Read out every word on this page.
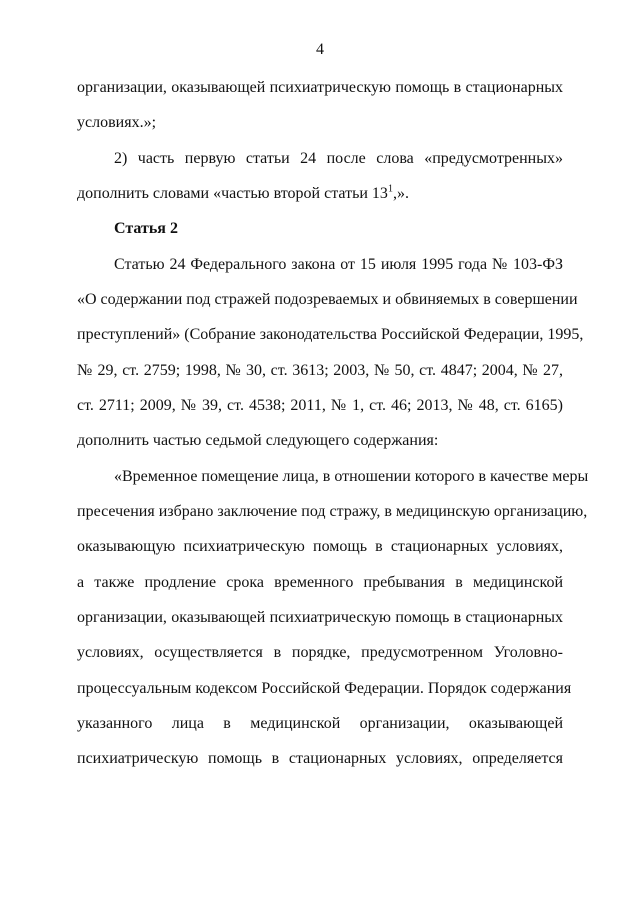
4
организации, оказывающей психиатрическую помощь в стационарных
условиях.»;
2) часть первую статьи 24 после слова «предусмотренных»
дополнить словами «частью второй статьи $13^1$,».
Статья 2
Статью 24 Федерального закона от 15 июля 1995 года № 103-ФЗ
«О содержании под стражей подозреваемых и обвиняемых в совершении
преступлений» (Собрание законодательства Российской Федерации, 1995,
№ 29, ст. 2759; 1998, № 30, ст. 3613; 2003, № 50, ст. 4847; 2004, № 27,
ст. 2711; 2009, № 39, ст. 4538; 2011, № 1, ст. 46; 2013, № 48, ст. 6165)
дополнить частью седьмой следующего содержания:
«Временное помещение лица, в отношении которого в качестве меры
пресечения избрано заключение под стражу, в медицинскую организацию,
оказывающую психиатрическую помощь в стационарных условиях,
а также продление срока временного пребывания в медицинской
организации, оказывающей психиатрическую помощь в стационарных
условиях, осуществляется в порядке, предусмотренном Уголовно-
процессуальным кодексом Российской Федерации. Порядок содержания
указанного лица в медицинской организации, оказывающей
психиатрическую помощь в стационарных условиях, определяется
